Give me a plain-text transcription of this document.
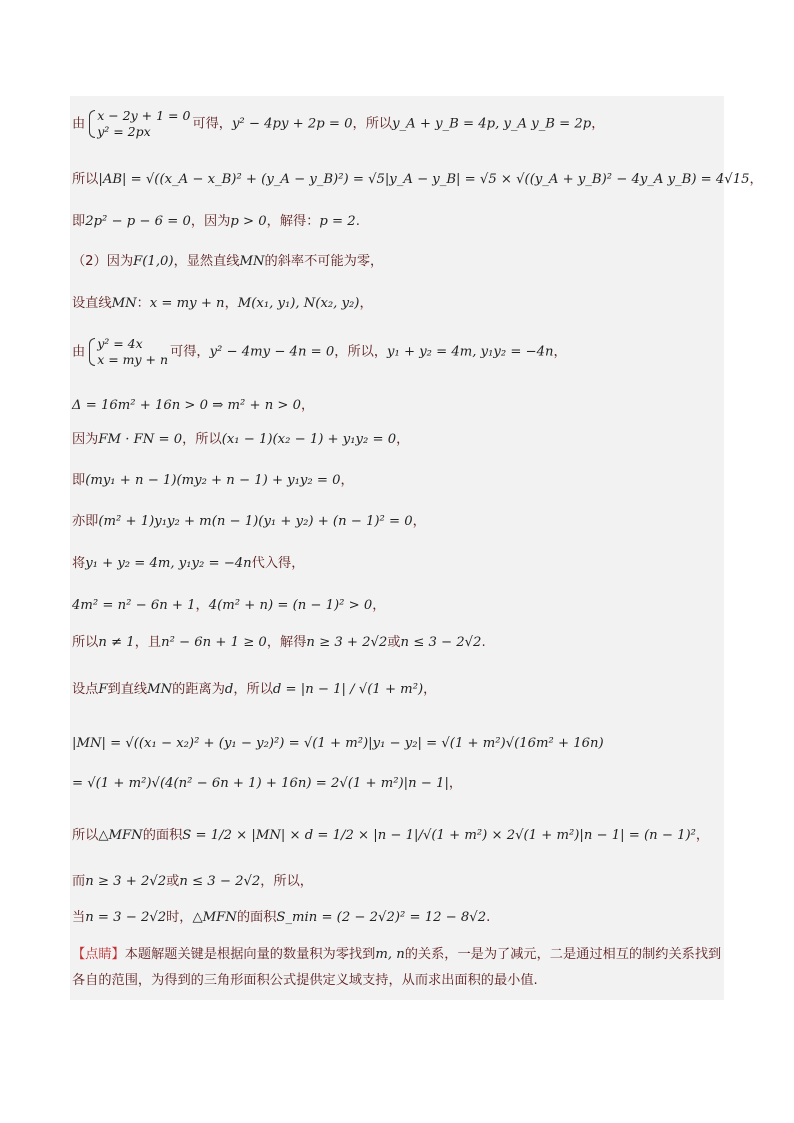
由
x − 2y + 1 = 0
y² = 2px	可得，y² − 4py + 2p = 0，所以y_A + y_B = 4p, y_A y_B = 2p，
所以|AB| = √((x_A − x_B)² + (y_A − y_B)²) = √5|y_A − y_B| = √5 × √((y_A + y_B)² − 4y_A y_B) = 4√15，
即2p² − p − 6 = 0，因为p > 0，解得：p = 2.
（2）因为F(1,0)，显然直线MN的斜率不可能为零，
设直线MN：x = my + n，M(x₁, y₁), N(x₂, y₂)，
由
y² = 4x
x = my + n 可得，y² − 4my − 4n = 0，所以，y₁ + y₂ = 4m, y₁y₂ = −4n，
Δ = 16m² + 16n > 0 ⇒ m² + n > 0，
因为FM · FN = 0，所以(x₁ − 1)(x₂ − 1) + y₁y₂ = 0，
即(my₁ + n − 1)(my₂ + n − 1) + y₁y₂ = 0，
亦即(m² + 1)y₁y₂ + m(n − 1)(y₁ + y₂) + (n − 1)² = 0，
将y₁ + y₂ = 4m, y₁y₂ = −4n代入得，
4m² = n² − 6n + 1，4(m² + n) = (n − 1)² > 0，
所以n ≠ 1，且n² − 6n + 1 ≥ 0，解得n ≥ 3 + 2√2或n ≤ 3 − 2√2.
设点F到直线MN的距离为d，所以d = |n − 1| / √(1 + m²)，
|MN| = √((x₁ − x₂)² + (y₁ − y₂)²) = √(1 + m²)|y₁ − y₂| = √(1 + m²)√(16m² + 16n)
= √(1 + m²)√(4(n² − 6n + 1) + 16n) = 2√(1 + m²)|n − 1|，
所以△MFN的面积S = 1/2 × |MN| × d = 1/2 × |n − 1|/√(1 + m²) × 2√(1 + m²)|n − 1| = (n − 1)²，
而n ≥ 3 + 2√2或n ≤ 3 − 2√2，所以，
当n = 3 − 2√2时，△MFN的面积S_min = (2 − 2√2)² = 12 − 8√2.
【点睛】本题解题关键是根据向量的数量积为零找到m, n的关系，一是为了减元，二是通过相互的制约关系找到各自的范围，为得到的三角形面积公式提供定义域支持，从而求出面积的最小值.
